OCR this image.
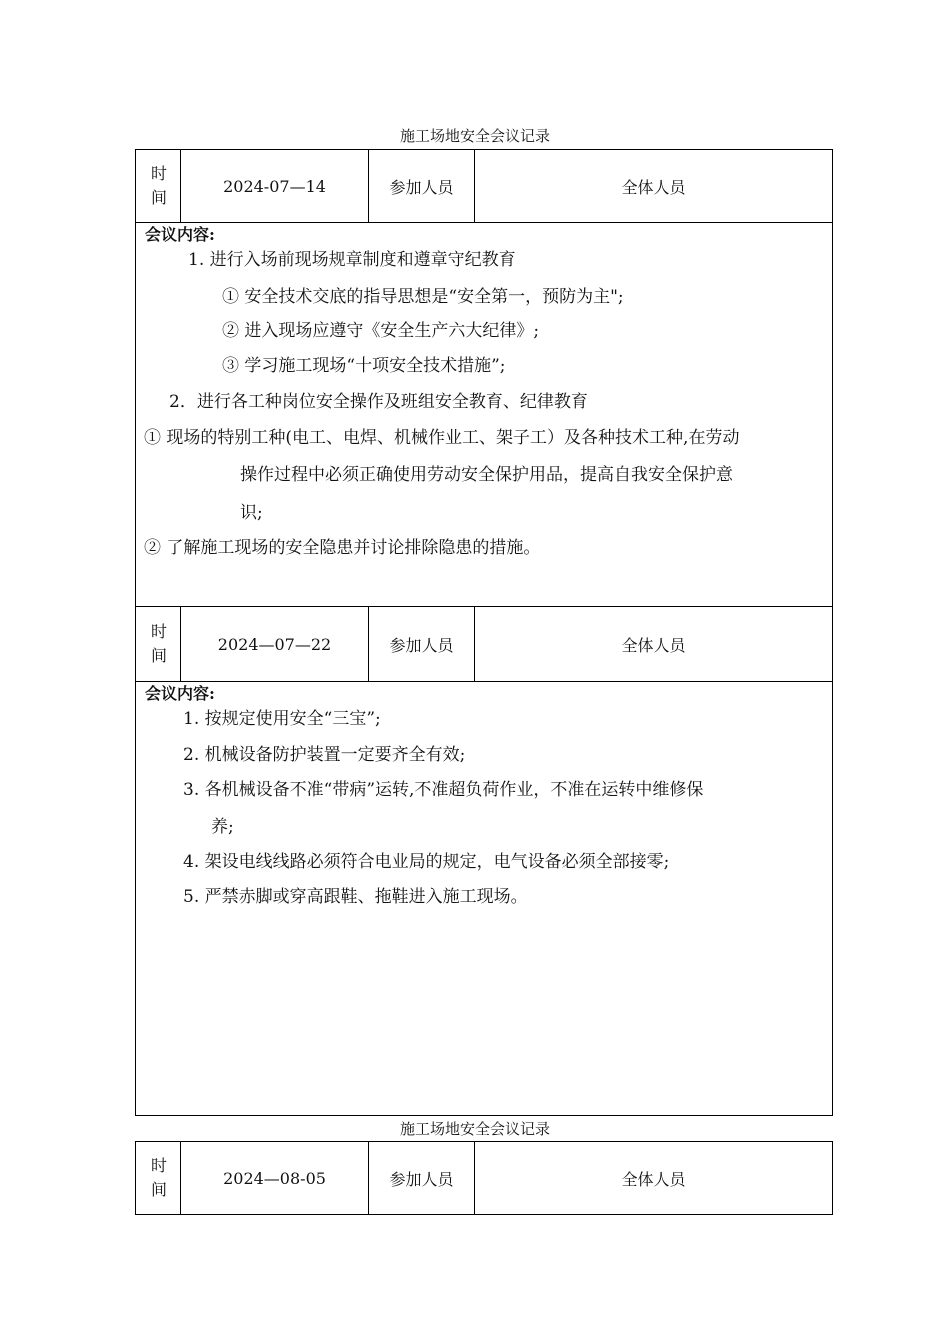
施工场地安全会议记录
时
间
2024-07—14	参加人员	全体人员
会议内容:
1. 进行入场前现场规章制度和遵章守纪教育
① 安全技术交底的指导思想是“安全第一，预防为主";
② 进入现场应遵守《安全生产六大纪律》;
③ 学习施工现场“十项安全技术措施”;
2．进行各工种岗位安全操作及班组安全教育、纪律教育
① 现场的特别工种(电工、电焊、机械作业工、架子工）及各种技术工种,在劳动
操作过程中必须正确使用劳动安全保护用品，提高自我安全保护意
识;
② 了解施工现场的安全隐患并讨论排除隐患的措施。
时
间
2024—07—22	参加人员	全体人员
会议内容:
1. 按规定使用安全“三宝”;
2. 机械设备防护装置一定要齐全有效;
3. 各机械设备不准“带病”运转,不准超负荷作业，不准在运转中维修保
养;
4. 架设电线线路必须符合电业局的规定，电气设备必须全部接零;
5. 严禁赤脚或穿高跟鞋、拖鞋进入施工现场。
施工场地安全会议记录
时
间
2024—08-05	参加人员	全体人员
